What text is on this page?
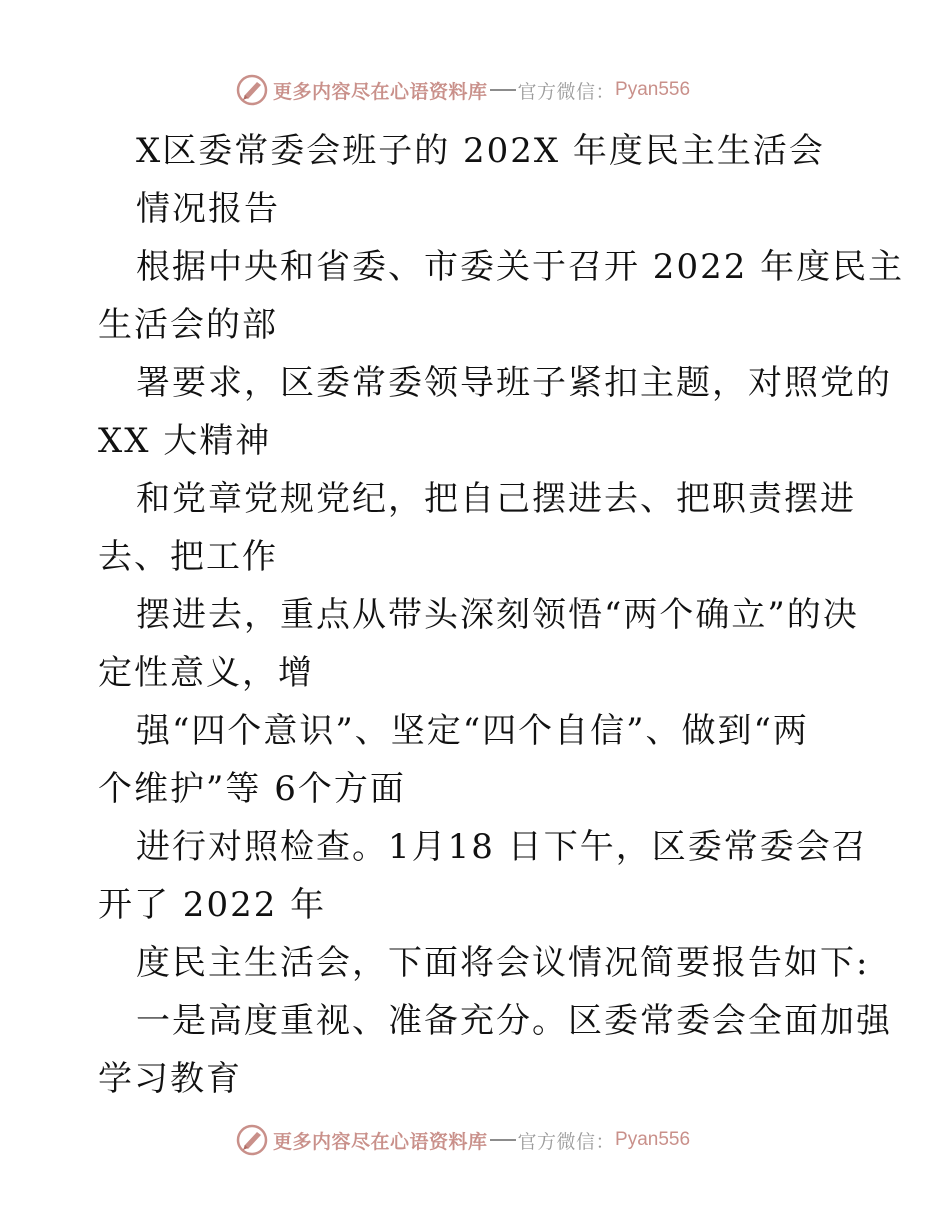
更多内容尽在心语资料库 官方微信： Pyan556
X区委常委会班子的 202X 年度民主生活会
情况报告
根据中央和省委、市委关于召开 2022 年度民主
生活会的部
署要求，区委常委领导班子紧扣主题，对照党的
XX 大精神
和党章党规党纪，把自己摆进去、把职责摆进
去、把工作
摆进去，重点从带头深刻领悟“两个确立”的决
定性意义，增
强“四个意识”、坚定“四个自信”、做到“两
个维护”等 6个方面
进行对照检查。1月18 日下午，区委常委会召
开了 2022 年
度民主生活会，下面将会议情况简要报告如下:
一是高度重视、准备充分。区委常委会全面加强
学习教育
更多内容尽在心语资料库 官方微信： Pyan556
